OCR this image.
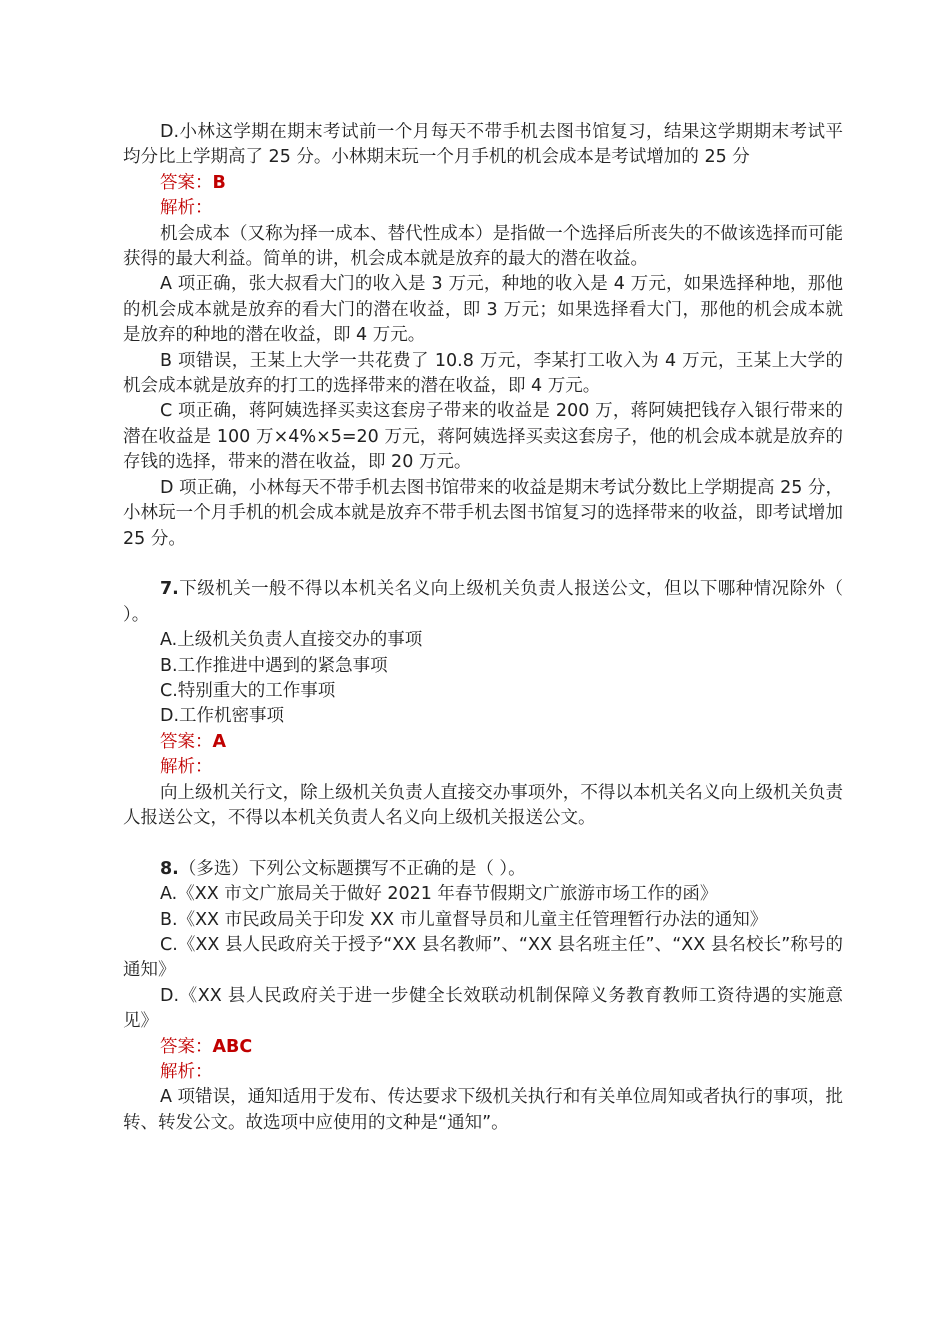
D.小林这学期在期末考试前一个月每天不带手机去图书馆复习，结果这学期期末考试平均分比上学期高了 25 分。小林期末玩一个月手机的机会成本是考试增加的 25 分

答案：B

解析：

机会成本（又称为择一成本、替代性成本）是指做一个选择后所丧失的不做该选择而可能获得的最大利益。简单的讲，机会成本就是放弃的最大的潜在收益。

A 项正确，张大叔看大门的收入是 3 万元，种地的收入是 4 万元，如果选择种地，那他的机会成本就是放弃的看大门的潜在收益，即 3 万元；如果选择看大门，那他的机会成本就是放弃的种地的潜在收益，即 4 万元。

B 项错误，王某上大学一共花费了 10.8 万元，李某打工收入为 4 万元，王某上大学的机会成本就是放弃的打工的选择带来的潜在收益，即 4 万元。

C 项正确，蒋阿姨选择买卖这套房子带来的收益是 200 万，蒋阿姨把钱存入银行带来的潜在收益是 100 万×4%×5=20 万元，蒋阿姨选择买卖这套房子，他的机会成本就是放弃的存钱的选择，带来的潜在收益，即 20 万元。

D 项正确，小林每天不带手机去图书馆带来的收益是期末考试分数比上学期提高 25 分，小林玩一个月手机的机会成本就是放弃不带手机去图书馆复习的选择带来的收益，即考试增加 25 分。

7.下级机关一般不得以本机关名义向上级机关负责人报送公文，但以下哪种情况除外（ ）。

A.上级机关负责人直接交办的事项

B.工作推进中遇到的紧急事项

C.特别重大的工作事项

D.工作机密事项

答案：A

解析：

向上级机关行文，除上级机关负责人直接交办事项外，不得以本机关名义向上级机关负责人报送公文，不得以本机关负责人名义向上级机关报送公文。

8.（多选）下列公文标题撰写不正确的是（ ）。

A.《XX 市文广旅局关于做好 2021 年春节假期文广旅游市场工作的函》

B.《XX 市民政局关于印发 XX 市儿童督导员和儿童主任管理暂行办法的通知》

C.《XX 县人民政府关于授予“XX 县名教师”、“XX 县名班主任”、“XX 县名校长”称号的通知》

D.《XX 县人民政府关于进一步健全长效联动机制保障义务教育教师工资待遇的实施意见》

答案：ABC

解析：

A 项错误，通知适用于发布、传达要求下级机关执行和有关单位周知或者执行的事项，批转、转发公文。故选项中应使用的文种是“通知”。
